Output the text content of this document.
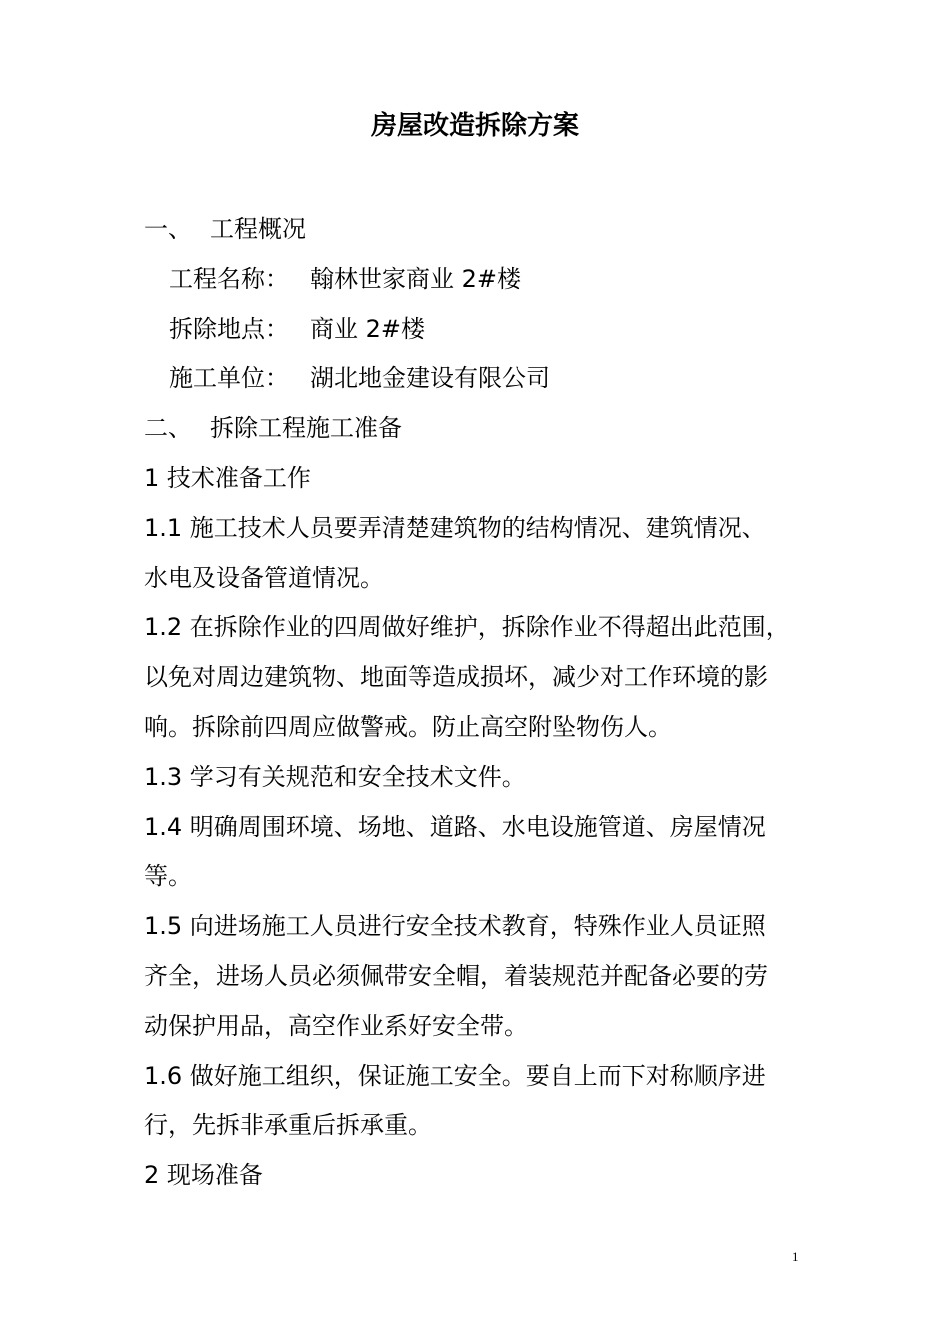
房屋改造拆除方案
一、 工程概况
工程名称： 翰林世家商业 2#楼
拆除地点： 商业 2#楼
施工单位： 湖北地金建设有限公司
二、 拆除工程施工准备
1 技术准备工作
1.1 施工技术人员要弄清楚建筑物的结构情况、建筑情况、
水电及设备管道情况。
1.2 在拆除作业的四周做好维护，拆除作业不得超出此范围，
以免对周边建筑物、地面等造成损坏，减少对工作环境的影
响。拆除前四周应做警戒。防止高空附坠物伤人。
1.3 学习有关规范和安全技术文件。
1.4 明确周围环境、场地、道路、水电设施管道、房屋情况
等。
1.5 向进场施工人员进行安全技术教育，特殊作业人员证照
齐全，进场人员必须佩带安全帽，着装规范并配备必要的劳
动保护用品，高空作业系好安全带。
1.6 做好施工组织，保证施工安全。要自上而下对称顺序进
行，先拆非承重后拆承重。
2 现场准备
1
